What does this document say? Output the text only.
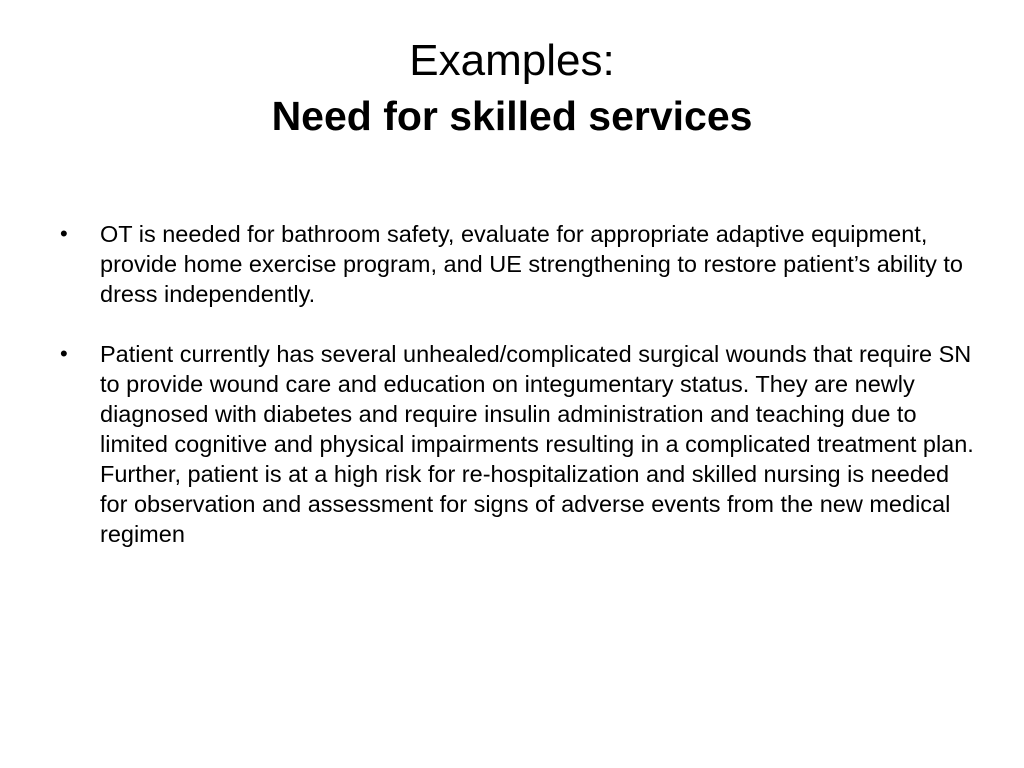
Examples:

Need for skilled services

•	OT is needed for bathroom safety, evaluate for appropriate adaptive equipment, provide home exercise program, and UE strengthening to restore patient’s ability to dress independently.
•	Patient currently has several unhealed/complicated surgical wounds that require SN to provide wound care and education on integumentary status. They are newly diagnosed with diabetes and require insulin administration and teaching due to limited cognitive and physical impairments resulting in a complicated treatment plan. Further, patient is at a high risk for re-hospitalization and skilled nursing is needed for observation and assessment for signs of adverse events from the new medical regimen
